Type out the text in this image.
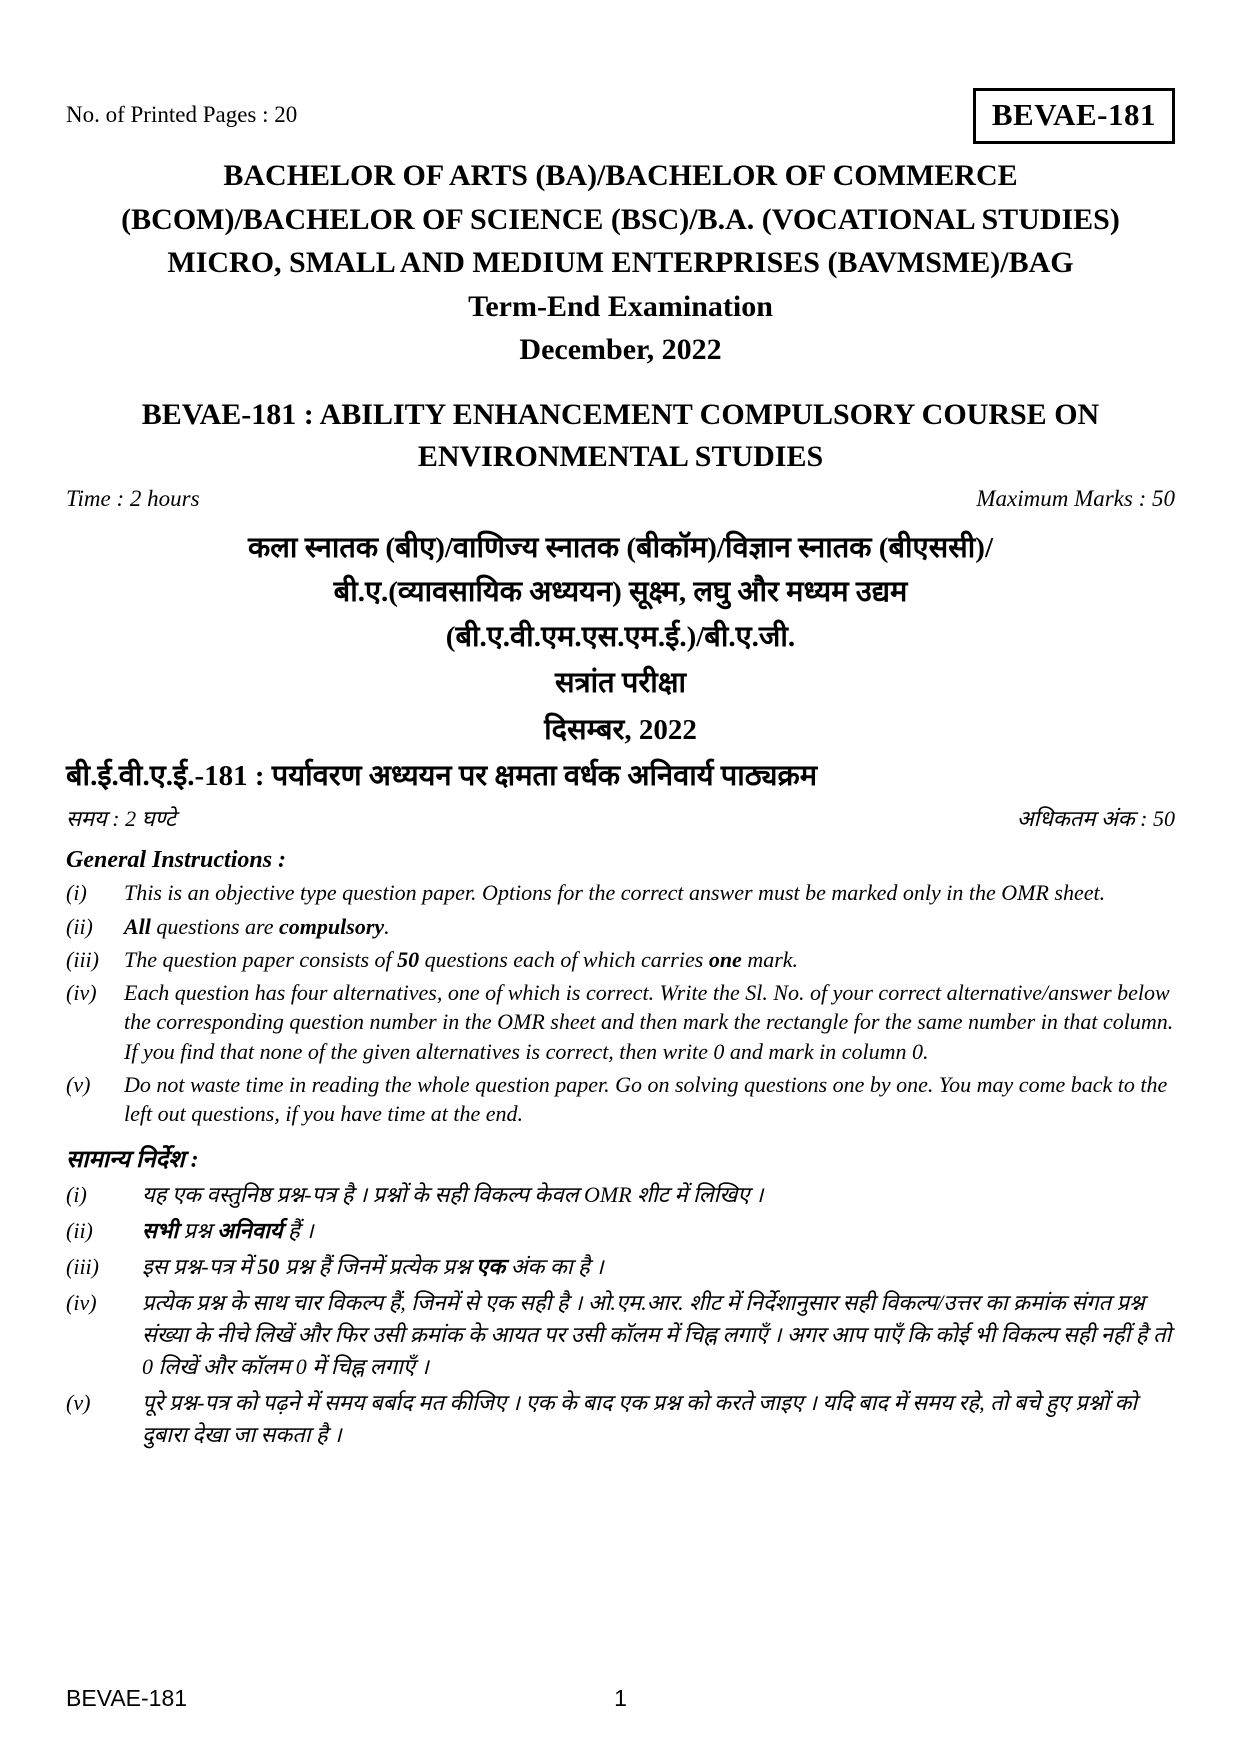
No. of Printed Pages : 20	BEVAE-181
BACHELOR OF ARTS (BA)/BACHELOR OF COMMERCE (BCOM)/BACHELOR OF SCIENCE (BSC)/B.A. (VOCATIONAL STUDIES) MICRO, SMALL AND MEDIUM ENTERPRISES (BAVMSME)/BAG
Term-End Examination
December, 2022
BEVAE-181 : ABILITY ENHANCEMENT COMPULSORY COURSE ON ENVIRONMENTAL STUDIES
Time : 2 hours	Maximum Marks : 50
कला स्नातक (बीए)/वाणिज्य स्नातक (बीकॉम)/विज्ञान स्नातक (बीएससी)/
बी.ए.(व्यावसायिक अध्ययन) सूक्ष्म, लघु और मध्यम उद्यम
(बी.ए.वी.एम.एस.एम.ई.)/बी.ए.जी.
सत्रांत परीक्षा
दिसम्बर, 2022
बी.ई.वी.ए.ई.-181 : पर्यावरण अध्ययन पर क्षमता वर्धक अनिवार्य पाठ्यक्रम
समय : 2 घण्टे	अधिकतम अंक : 50
General Instructions :
(i)	This is an objective type question paper. Options for the correct answer must be marked only in the OMR sheet.
(ii)	All questions are compulsory.
(iii)	The question paper consists of 50 questions each of which carries one mark.
(iv)	Each question has four alternatives, one of which is correct. Write the Sl. No. of your correct alternative/answer below the corresponding question number in the OMR sheet and then mark the rectangle for the same number in that column. If you find that none of the given alternatives is correct, then write 0 and mark in column 0.
(v)	Do not waste time in reading the whole question paper. Go on solving questions one by one. You may come back to the left out questions, if you have time at the end.
सामान्य निर्देश :
(i)	यह एक वस्तुनिष्ठ प्रश्न-पत्र है । प्रश्नों के सही विकल्प केवल OMR शीट में लिखिए ।
(ii)	सभी प्रश्न अनिवार्य हैं ।
(iii)	इस प्रश्न-पत्र में 50 प्रश्न हैं जिनमें प्रत्येक प्रश्न एक अंक का है ।
(iv)	प्रत्येक प्रश्न के साथ चार विकल्प हैं, जिनमें से एक सही है । ओ.एम.आर. शीट में निर्देशानुसार सही विकल्प/उत्तर का क्रमांक संगत प्रश्न संख्या के नीचे लिखें और फिर उसी क्रमांक के आयत पर उसी कॉलम में चिह्न लगाएँ । अगर आप पाएँ कि कोई भी विकल्प सही नहीं है तो 0 लिखें और कॉलम 0 में चिह्न लगाएँ ।
(v)	पूरे प्रश्न-पत्र को पढ़ने में समय बर्बाद मत कीजिए । एक के बाद एक प्रश्न को करते जाइए । यदि बाद में समय रहे, तो बचे हुए प्रश्नों को दुबारा देखा जा सकता है ।
BEVAE-181	1
